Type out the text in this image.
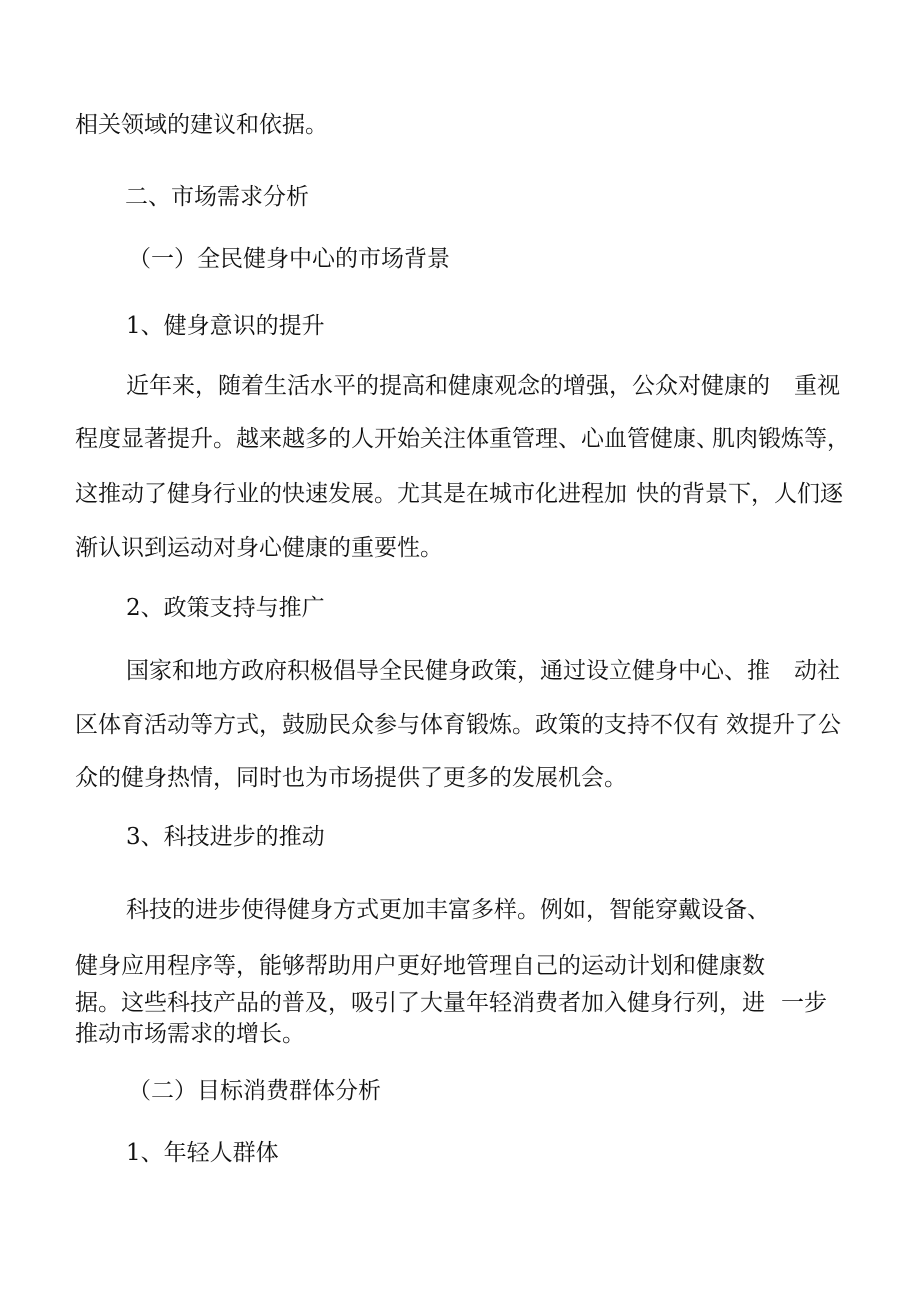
相关领域的建议和依据。

二、市场需求分析

（一）全民健身中心的市场背景

1、健身意识的提升

近年来，随着生活水平的提高和健康观念的增强，公众对健康的 重视

程度显著提升。越来越多的人开始关注体重管理、心血管健康、

肌肉锻炼等，

这推动了健身行业的快速发展。尤其是在城市化进程加 快的背景下，人们逐

渐认识到运动对身心健康的重要性。

2、政策支持与推广

国家和地方政府积极倡导全民健身政策，通过设立健身中心、推 动社

区体育活动等方式，鼓励民众参与体育锻炼。政策的支持不仅有 效提升了公

众的健身热情，同时也为市场提供了更多的发展机会。

3、科技进步的推动

科技的进步使得健身方式更加丰富多样。例如，智能穿戴设备、

健身应用程序等，能够帮助用户更好地管理自己的运动计划和健康数

据。这些科技产品的普及，吸引了大量年轻消费者加入健身行列，进 一步

推动市场需求的增长。

（二）目标消费群体分析

1、年轻人群体
